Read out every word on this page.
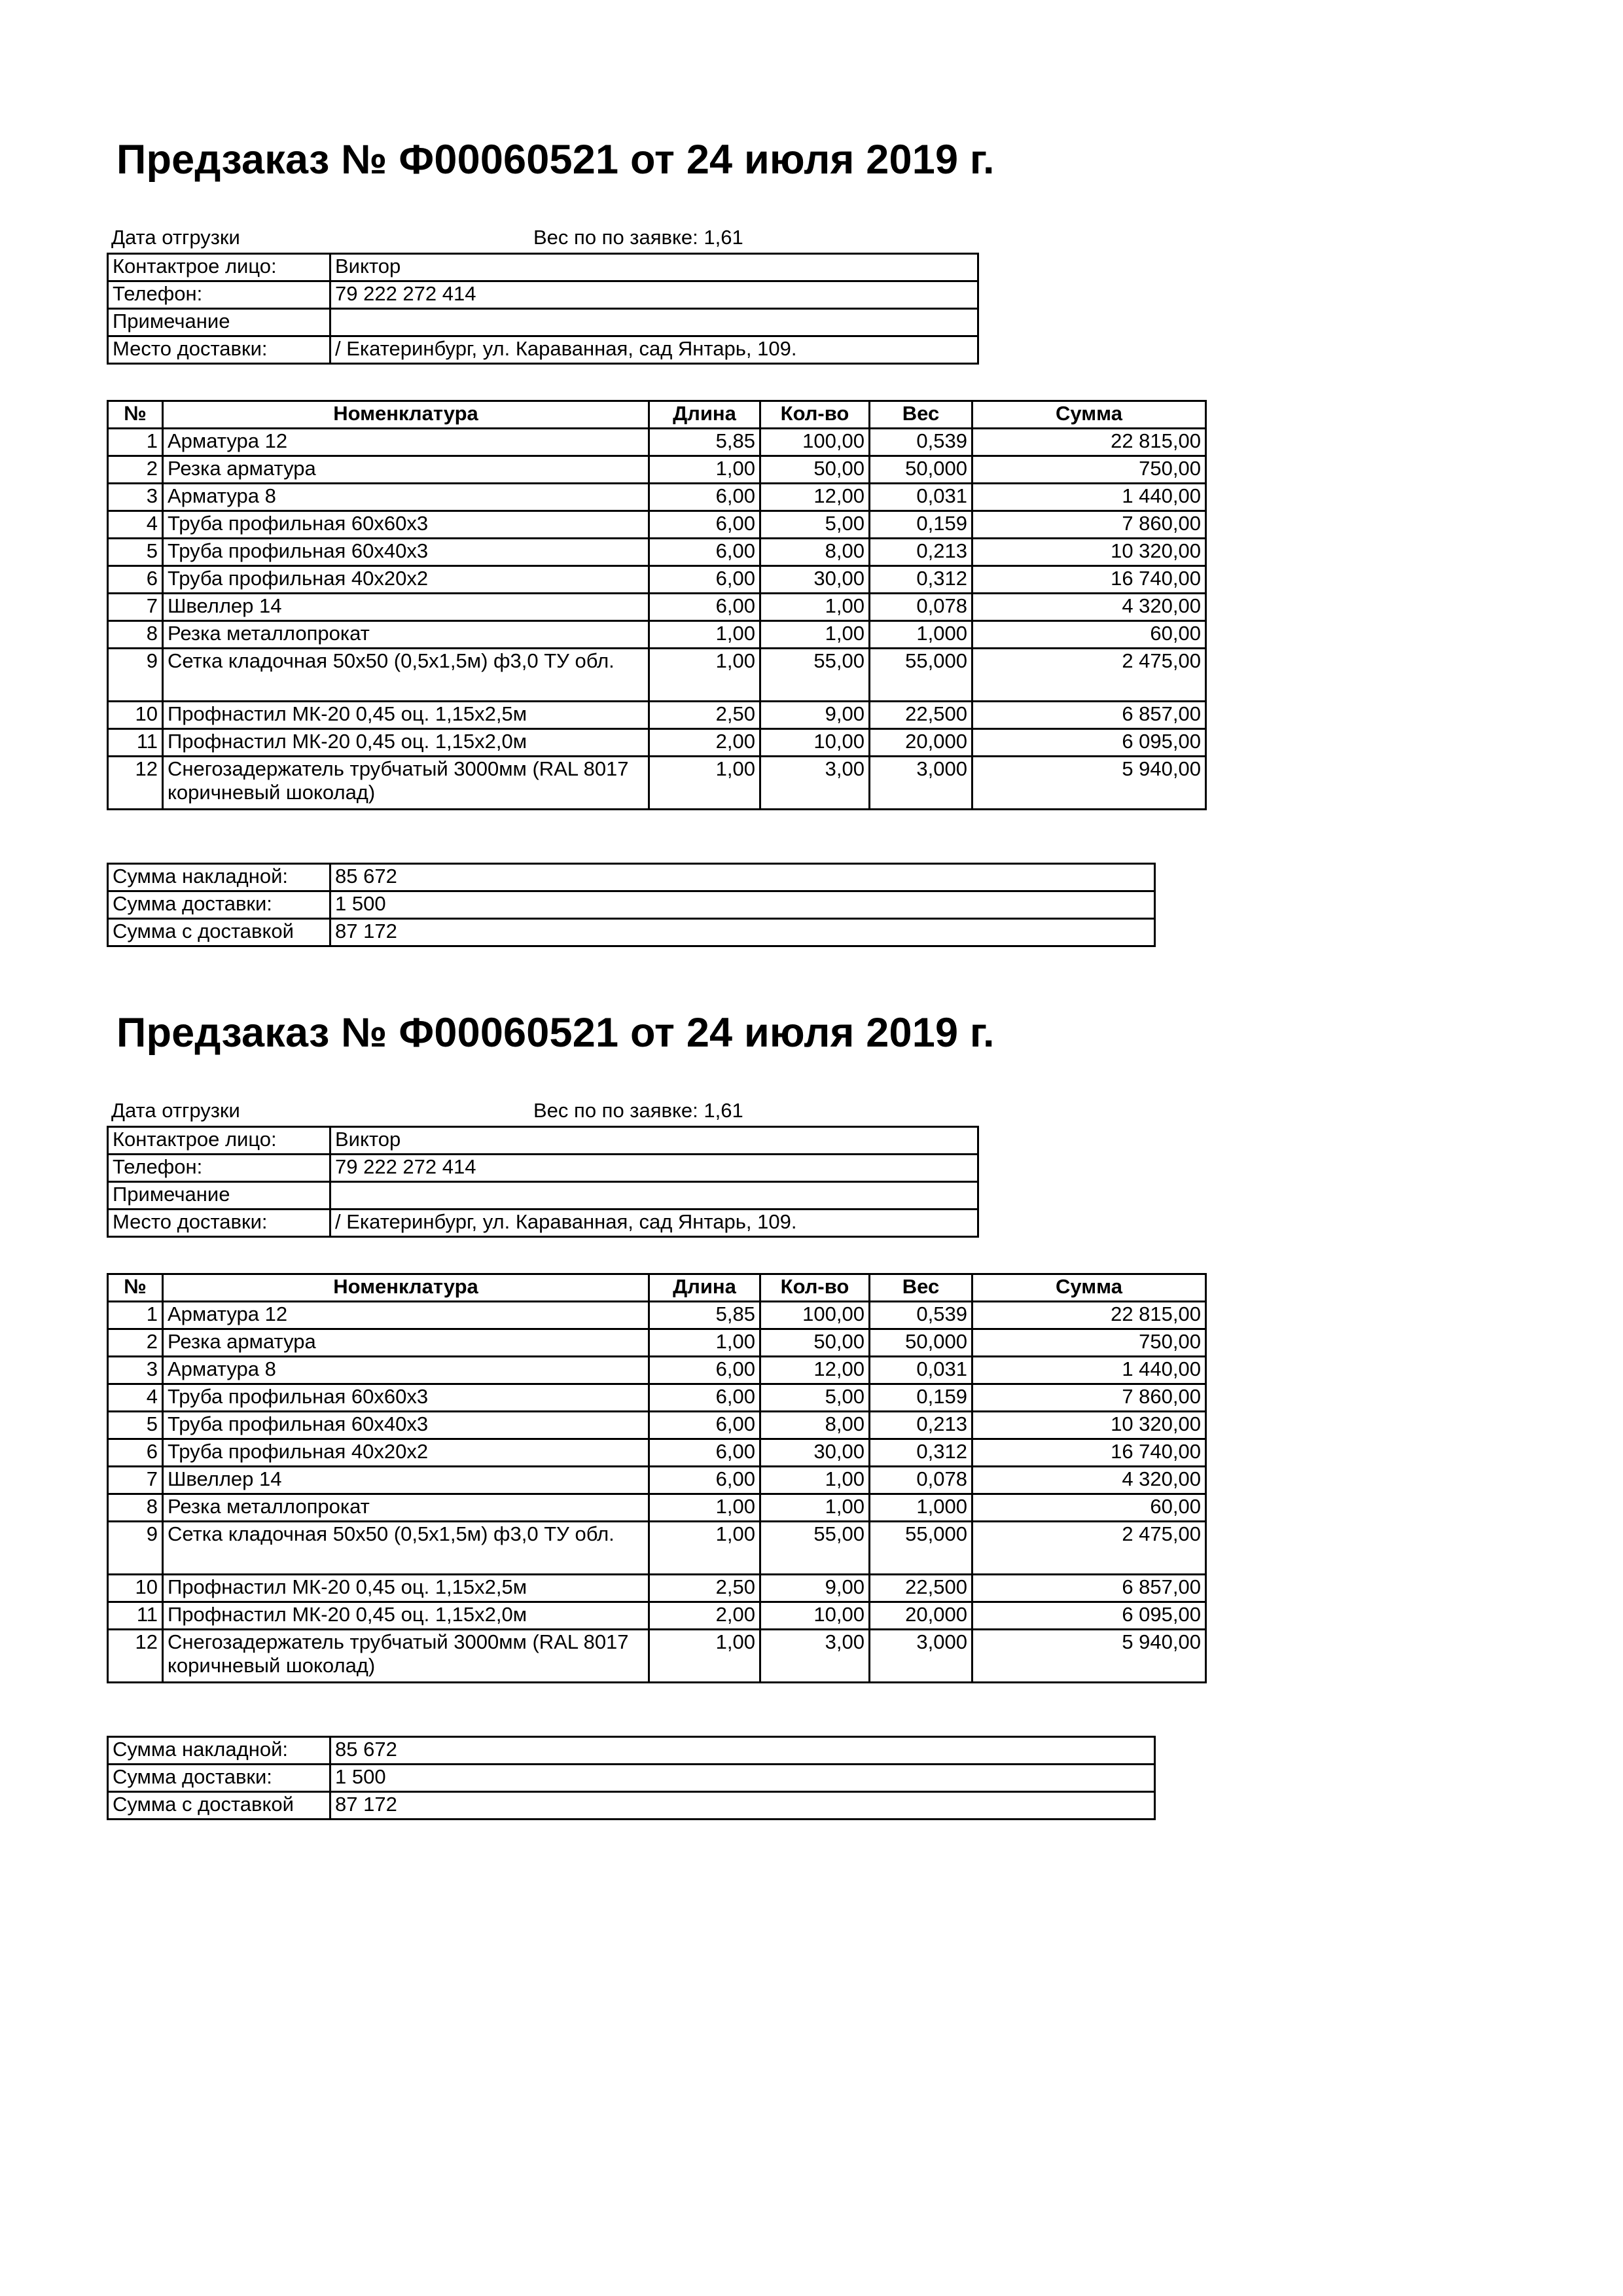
Предзаказ № Ф00060521 от 24 июля 2019 г.
Дата отгрузки	Вес по по заявке: 1,61
Контактрое лицо:	Виктор
Телефон:	79 222 272 414
Примечание	
Место доставки:	/ Екатеринбург, ул. Караванная, сад Янтарь, 109.
№	Номенклатура	Длина	Кол-во	Вес	Сумма
1	Арматура 12	5,85	100,00	0,539	22 815,00
2	Резка арматура	1,00	50,00	50,000	750,00
3	Арматура 8	6,00	12,00	0,031	1 440,00
4	Труба профильная 60х60х3	6,00	5,00	0,159	7 860,00
5	Труба профильная 60х40х3	6,00	8,00	0,213	10 320,00
6	Труба профильная 40х20х2	6,00	30,00	0,312	16 740,00
7	Швеллер 14	6,00	1,00	0,078	4 320,00
8	Резка металлопрокат	1,00	1,00	1,000	60,00
9	Сетка кладочная 50х50 (0,5х1,5м) ф3,0 ТУ обл.	1,00	55,00	55,000	2 475,00
10	Профнастил МК-20 0,45 оц. 1,15х2,5м	2,50	9,00	22,500	6 857,00
11	Профнастил МК-20 0,45 оц. 1,15х2,0м	2,00	10,00	20,000	6 095,00
12	Снегозадержатель трубчатый 3000мм (RAL 8017 коричневый шоколад)	1,00	3,00	3,000	5 940,00
Сумма накладной:	85 672
Сумма доставки:	1 500
Сумма с доставкой	87 172
Предзаказ № Ф00060521 от 24 июля 2019 г.
Дата отгрузки	Вес по по заявке: 1,61
Контактрое лицо:	Виктор
Телефон:	79 222 272 414
Примечание	
Место доставки:	/ Екатеринбург, ул. Караванная, сад Янтарь, 109.
№	Номенклатура	Длина	Кол-во	Вес	Сумма
1	Арматура 12	5,85	100,00	0,539	22 815,00
2	Резка арматура	1,00	50,00	50,000	750,00
3	Арматура 8	6,00	12,00	0,031	1 440,00
4	Труба профильная 60х60х3	6,00	5,00	0,159	7 860,00
5	Труба профильная 60х40х3	6,00	8,00	0,213	10 320,00
6	Труба профильная 40х20х2	6,00	30,00	0,312	16 740,00
7	Швеллер 14	6,00	1,00	0,078	4 320,00
8	Резка металлопрокат	1,00	1,00	1,000	60,00
9	Сетка кладочная 50х50 (0,5х1,5м) ф3,0 ТУ обл.	1,00	55,00	55,000	2 475,00
10	Профнастил МК-20 0,45 оц. 1,15х2,5м	2,50	9,00	22,500	6 857,00
11	Профнастил МК-20 0,45 оц. 1,15х2,0м	2,00	10,00	20,000	6 095,00
12	Снегозадержатель трубчатый 3000мм (RAL 8017 коричневый шоколад)	1,00	3,00	3,000	5 940,00
Сумма накладной:	85 672
Сумма доставки:	1 500
Сумма с доставкой	87 172
